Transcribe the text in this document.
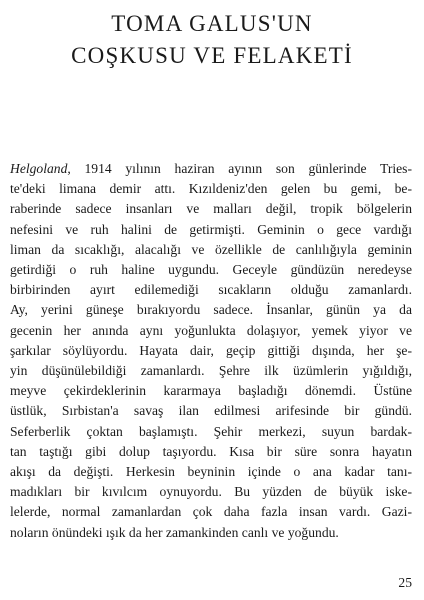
TOMA GALUS'UN
COŞKUSU VE FELAKETİ
Helgoland, 1914 yılının haziran ayının son günlerinde Tries-
te'deki limana demir attı. Kızıldeniz'den gelen bu gemi, be-
raberinde sadece insanları ve malları değil, tropik bölgelerin
nefesini ve ruh halini de getirmişti. Geminin o gece vardığı
liman da sıcaklığı, alacalığı ve özellikle de canlılığıyla geminin
getirdiği o ruh haline uygundu. Geceyle gündüzün neredeyse
birbirinden ayırt edilemediği sıcakların olduğu zamanlardı.
Ay, yerini güneşe bırakıyordu sadece. İnsanlar, günün ya da
gecenin her anında aynı yoğunlukta dolaşıyor, yemek yiyor ve
şarkılar söylüyordu. Hayata dair, geçip gittiği dışında, her şe-
yin düşünülebildiği zamanlardı. Şehre ilk üzümlerin yığıldığı,
meyve çekirdeklerinin kararmaya başladığı dönemdi. Üstüne
üstlük, Sırbistan'a savaş ilan edilmesi arifesinde bir gündü.
Seferberlik çoktan başlamıştı. Şehir merkezi, suyun bardak-
tan taştığı gibi dolup taşıyordu. Kısa bir süre sonra hayatın
akışı da değişti. Herkesin beyninin içinde o ana kadar tanı-
madıkları bir kıvılcım oynuyordu. Bu yüzden de büyük iske-
lelerde, normal zamanlardan çok daha fazla insan vardı. Gazi-
noların önündeki ışık da her zamankinden canlı ve yoğundu.
25
